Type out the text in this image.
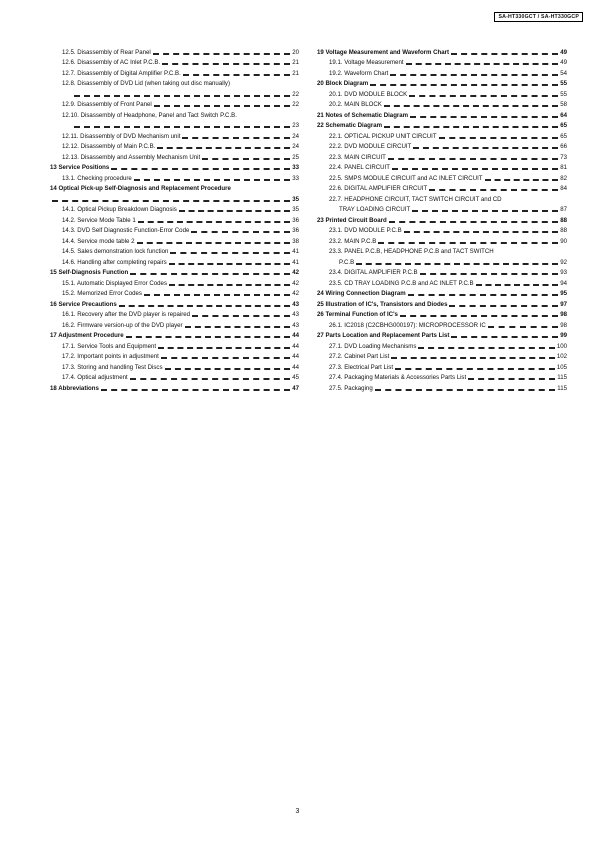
SA-HT330GCT / SA-HT330GCP
12.5. Disassembly of Rear Panel	20
12.6. Disassembly of AC Inlet P.C.B.	21
12.7. Disassembly of Digital Amplifier P.C.B.	21
12.8. Disassembly of DVD Lid (when taking out disc manually)
22
12.9. Disassembly of Front Panel	22
12.10. Disassembly of Headphone, Panel and Tact Switch P.C.B.
23
12.11. Disassembly of DVD Mechanism unit	24
12.12. Disassembly of Main P.C.B.	24
12.13. Disassembly and Assembly Mechanism Unit	25
13 Service Positions	33
13.1. Checking procedure	33
14 Optical Pick-up Self-Diagnosis and Replacement Procedure
35
14.1. Optical Pickup Breakdown Diagnosis	35
14.2. Service Mode Table 1	36
14.3. DVD Self Diagnostic Function-Error Code	36
14.4. Service mode table 2	38
14.5. Sales demonstration lock function	41
14.6. Handling after completing repairs	41
15 Self-Diagnosis Function	42
15.1. Automatic Displayed Error Codes	42
15.2. Memorized Error Codes	42
16 Service Precautions	43
16.1. Recovery after the DVD player is repaired	43
16.2. Firmware version-up of the DVD player	43
17 Adjustment Procedure	44
17.1. Service Tools and Equipment	44
17.2. Important points in adjustment	44
17.3. Storing and handling Test Discs	44
17.4. Optical adjustment	45
18 Abbreviations	47
19 Voltage Measurement and Waveform Chart	49
19.1. Voltage Measurement	49
19.2. Waveform Chart	54
20 Block Diagram	55
20.1. DVD MODULE BLOCK	55
20.2. MAIN BLOCK	58
21 Notes of Schematic Diagram	64
22 Schematic Diagram	65
22.1. OPTICAL PICKUP UNIT CIRCUIT	65
22.2. DVD MODULE CIRCUIT	66
22.3. MAIN CIRCUIT	73
22.4. PANEL CIRCUIT	81
22.5. SMPS MODULE CIRCUIT and AC INLET CIRCUIT	82
22.6. DIGITAL AMPLIFIER CIRCUIT	84
22.7. HEADPHONE CIRCUIT, TACT SWITCH CIRCUIT and CD
TRAY LOADING CIRCUIT	87
23 Printed Circuit Board	88
23.1. DVD MODULE P.C.B	88
23.2. MAIN P.C.B	90
23.3. PANEL P.C.B, HEADPHONE P.C.B and TACT SWITCH
P.C.B	92
23.4. DIGITAL AMPLIFIER P.C.B	93
23.5. CD TRAY LOADING P.C.B and AC INLET P.C.B	94
24 Wiring Connection Diagram	95
25 Illustration of IC's, Transistors and Diodes	97
26 Terminal Function of IC's	98
26.1. IC2018 (C2CBHG000197): MICROPROCESSOR IC	98
27 Parts Location and Replacement Parts List	99
27.1. DVD Loading Mechanisms	100
27.2. Cabinet Part List	102
27.3. Electrical Part List	105
27.4. Packaging Materials & Accessories Parts List	115
27.5. Packaging	115
3
